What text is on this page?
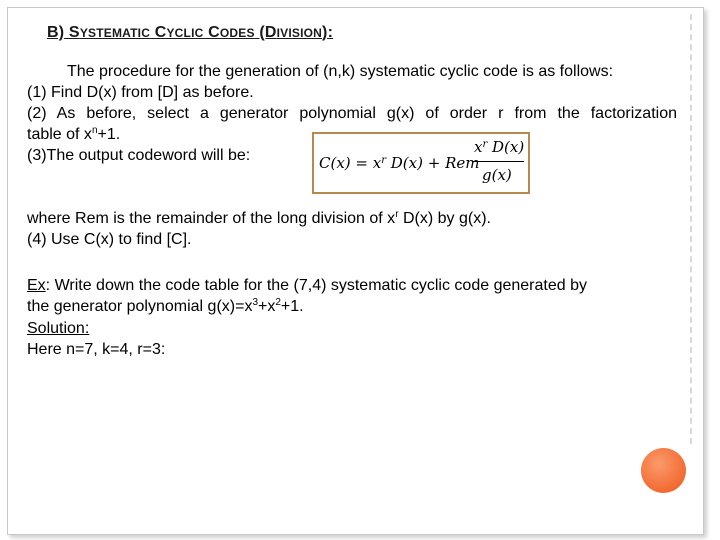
B) SYSTEMATIC CYCLIC CODES (DIVISION):
The procedure for the generation of (n,k) systematic cyclic code is as follows:
(1) Find D(x) from [D] as before.
(2) As before, select a generator polynomial g(x) of order r from the factorization
table of $x^n+1$.
(3)The output codeword will be:	$C(x) = x^r$ D(x) + Rem
$x^r$ D(x)
g(x)
where Rem is the remainder of the long division of $x^r$ D(x) by g(x).
(4) Use C(x) to find [C].
Ex: Write down the code table for the (7,4) systematic cyclic code generated by
the generator polynomial $g(x)=x^3+x^2+1$.
Solution:
Here n=7, k=4, r=3:
